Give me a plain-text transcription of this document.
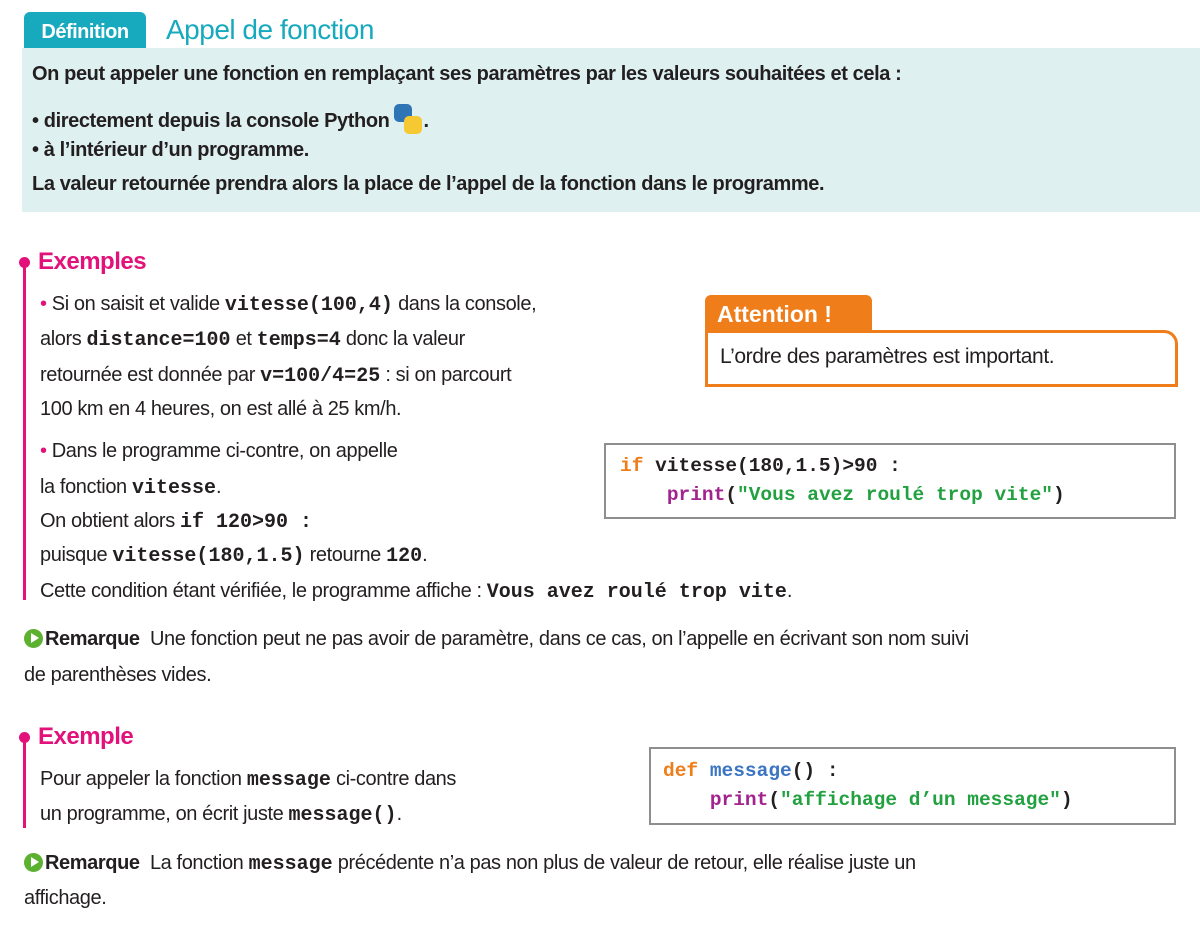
Définition	Appel de fonction
On peut appeler une fonction en remplaçant ses paramètres par les valeurs souhaitées et cela :
• directement depuis la console Python .
• à l’intérieur d’un programme.
La valeur retournée prendra alors la place de l’appel de la fonction dans le programme.
Exemples
• Si on saisit et valide vitesse(100,4) dans la console,
alors distance=100 et temps=4 donc la valeur
retournée est donnée par v=100/4=25 : si on parcourt
100 km en 4 heures, on est allé à 25 km/h.
• Dans le programme ci-contre, on appelle
la fonction vitesse.
On obtient alors if 120>90 :
puisque vitesse(180,1.5) retourne 120.
Cette condition étant vérifiée, le programme affiche : Vous avez roulé trop vite.
Attention !
L’ordre des paramètres est important.
if vitesse(180,1.5)>90 :
print("Vous avez roulé trop vite")
Remarque Une fonction peut ne pas avoir de paramètre, dans ce cas, on l’appelle en écrivant son nom suivi
de parenthèses vides.
Exemple
Pour appeler la fonction message ci-contre dans
un programme, on écrit juste message().
def message() :
print("affichage d’un message")
Remarque La fonction message précédente n’a pas non plus de valeur de retour, elle réalise juste un
affichage.
